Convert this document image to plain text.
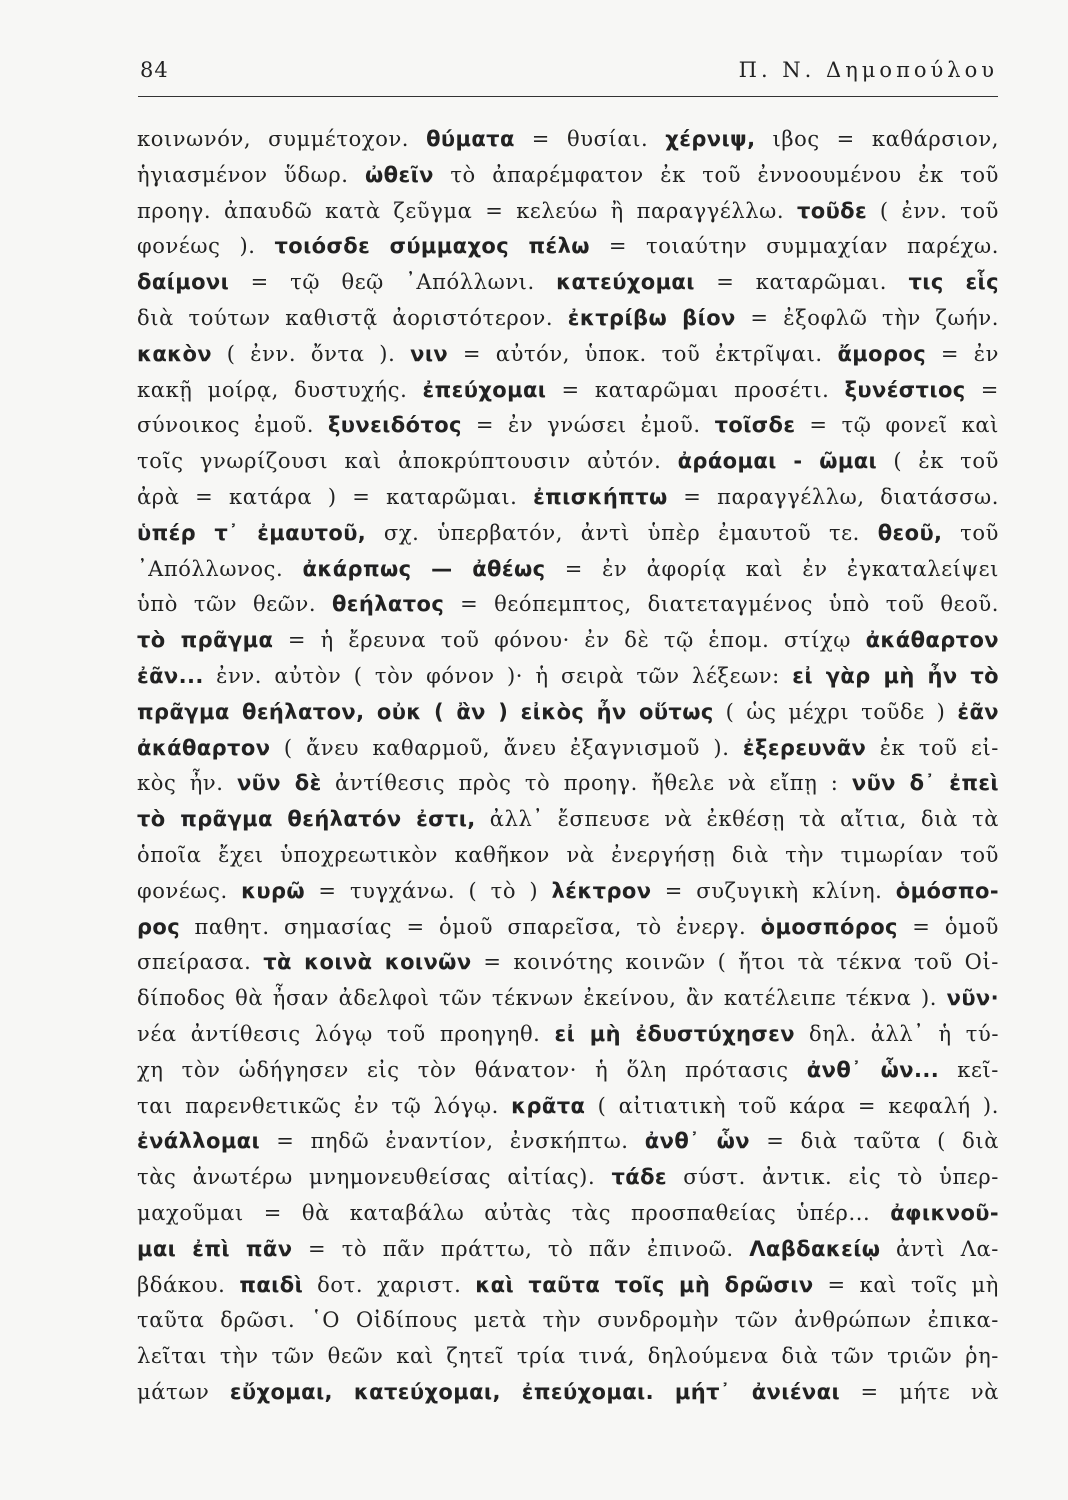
84	Π. Ν. Δημοπούλου
κοινωνόν, συμμέτοχον. θύματα = θυσίαι. χέρνιψ, ιβος = καθάρσιον,
ἡγιασμένον ὕδωρ. ὠθεῖν τὸ ἀπαρέμφατον ἐκ τοῦ ἐννοουμένου ἐκ τοῦ
προηγ. ἀπαυδῶ κατὰ ζεῦγμα = κελεύω ἢ παραγγέλλω. τοῦδε ( ἐνν. τοῦ
φονέως ). τοιόσδε σύμμαχος πέλω = τοιαύτην συμμαχίαν παρέχω.
δαίμονι = τῷ θεῷ ᾿Απόλλωνι. κατεύχομαι = καταρῶμαι. τις εἷς
διὰ τούτων καθιστᾷ ἀοριστότερον. ἐκτρίβω βίον = ἐξοφλῶ τὴν ζωήν.
κακὸν ( ἐνν. ὄντα ). νιν = αὐτόν, ὑποκ. τοῦ ἐκτρῖψαι. ἄμορος = ἐν
κακῇ μοίρᾳ, δυστυχής. ἐπεύχομαι = καταρῶμαι προσέτι. ξυνέστιος =
σύνοικος ἐμοῦ. ξυνειδότος = ἐν γνώσει ἐμοῦ. τοῖσδε = τῷ φονεῖ καὶ
τοῖς γνωρίζουσι καὶ ἀποκρύπτουσιν αὐτόν. ἀράομαι - ῶμαι ( ἐκ τοῦ
ἀρὰ = κατάρα ) = καταρῶμαι. ἐπισκήπτω = παραγγέλλω, διατάσσω.
ὑπέρ τ᾿ ἐμαυτοῦ, σχ. ὑπερβατόν, ἀντὶ ὑπὲρ ἐμαυτοῦ τε. θεοῦ, τοῦ
᾿Απόλλωνος. ἀκάρπως — ἀθέως = ἐν ἀφορίᾳ καὶ ἐν ἐγκαταλείψει
ὑπὸ τῶν θεῶν. θεήλατος = θεόπεμπτος, διατεταγμένος ὑπὸ τοῦ θεοῦ.
τὸ πρᾶγμα = ἡ ἔρευνα τοῦ φόνου· ἐν δὲ τῷ ἑπομ. στίχῳ ἀκάθαρτον
ἐᾶν... ἐνν. αὐτὸν ( τὸν φόνον )· ἡ σειρὰ τῶν λέξεων: εἰ γὰρ μὴ ἦν τὸ
πρᾶγμα θεήλατον, οὐκ ( ἂν ) εἰκὸς ἦν οὕτως ( ὡς μέχρι τοῦδε ) ἐᾶν
ἀκάθαρτον ( ἄνευ καθαρμοῦ, ἄνευ ἐξαγνισμοῦ ). ἐξερευνᾶν ἐκ τοῦ εἰ-
κὸς ἦν. νῦν δὲ ἀντίθεσις πρὸς τὸ προηγ. ἤθελε νὰ εἴπῃ : νῦν δ᾿ ἐπεὶ
τὸ πρᾶγμα θεήλατόν ἐστι, ἀλλ᾿ ἔσπευσε νὰ ἐκθέσῃ τὰ αἴτια, διὰ τὰ
ὁποῖα ἔχει ὑποχρεωτικὸν καθῆκον νὰ ἐνεργήσῃ διὰ τὴν τιμωρίαν τοῦ
φονέως. κυρῶ = τυγχάνω. ( τὸ ) λέκτρον = συζυγικὴ κλίνη. ὁμόσπο-
ρος παθητ. σημασίας = ὁμοῦ σπαρεῖσα, τὸ ἐνεργ. ὁμοσπόρος = ὁμοῦ
σπείρασα. τὰ κοινὰ κοινῶν = κοινότης κοινῶν ( ἤτοι τὰ τέκνα τοῦ Οἰ-
δίποδος θὰ ἦσαν ἀδελφοὶ τῶν τέκνων ἐκείνου, ἂν κατέλειπε τέκνα ). νῦν·
νέα ἀντίθεσις λόγῳ τοῦ προηγηθ. εἰ μὴ ἐδυστύχησεν δηλ. ἀλλ᾿ ἡ τύ-
χη τὸν ὡδήγησεν εἰς τὸν θάνατον· ἡ ὅλη πρότασις ἀνθ᾿ ὧν... κεῖ-
ται παρενθετικῶς ἐν τῷ λόγῳ. κρᾶτα ( αἰτιατικὴ τοῦ κάρα = κεφαλή ).
ἐνάλλομαι = πηδῶ ἐναντίον, ἐνσκήπτω. ἀνθ᾿ ὧν = διὰ ταῦτα ( διὰ
τὰς ἀνωτέρω μνημονευθείσας αἰτίας). τάδε σύστ. ἀντικ. εἰς τὸ ὑπερ-
μαχοῦμαι = θὰ καταβάλω αὐτὰς τὰς προσπαθείας ὑπέρ... ἀφικνοῦ-
μαι ἐπὶ πᾶν = τὸ πᾶν πράττω, τὸ πᾶν ἐπινοῶ. Λαβδακείῳ ἀντὶ Λα-
βδάκου. παιδὶ δοτ. χαριστ. καὶ ταῦτα τοῖς μὴ δρῶσιν = καὶ τοῖς μὴ
ταῦτα δρῶσι. ῾Ο Οἰδίπους μετὰ τὴν συνδρομὴν τῶν ἀνθρώπων ἐπικα-
λεῖται τὴν τῶν θεῶν καὶ ζητεῖ τρία τινά, δηλούμενα διὰ τῶν τριῶν ῥη-
μάτων εὔχομαι, κατεύχομαι, ἐπεύχομαι. μήτ᾿ ἀνιέναι = μήτε νὰ
